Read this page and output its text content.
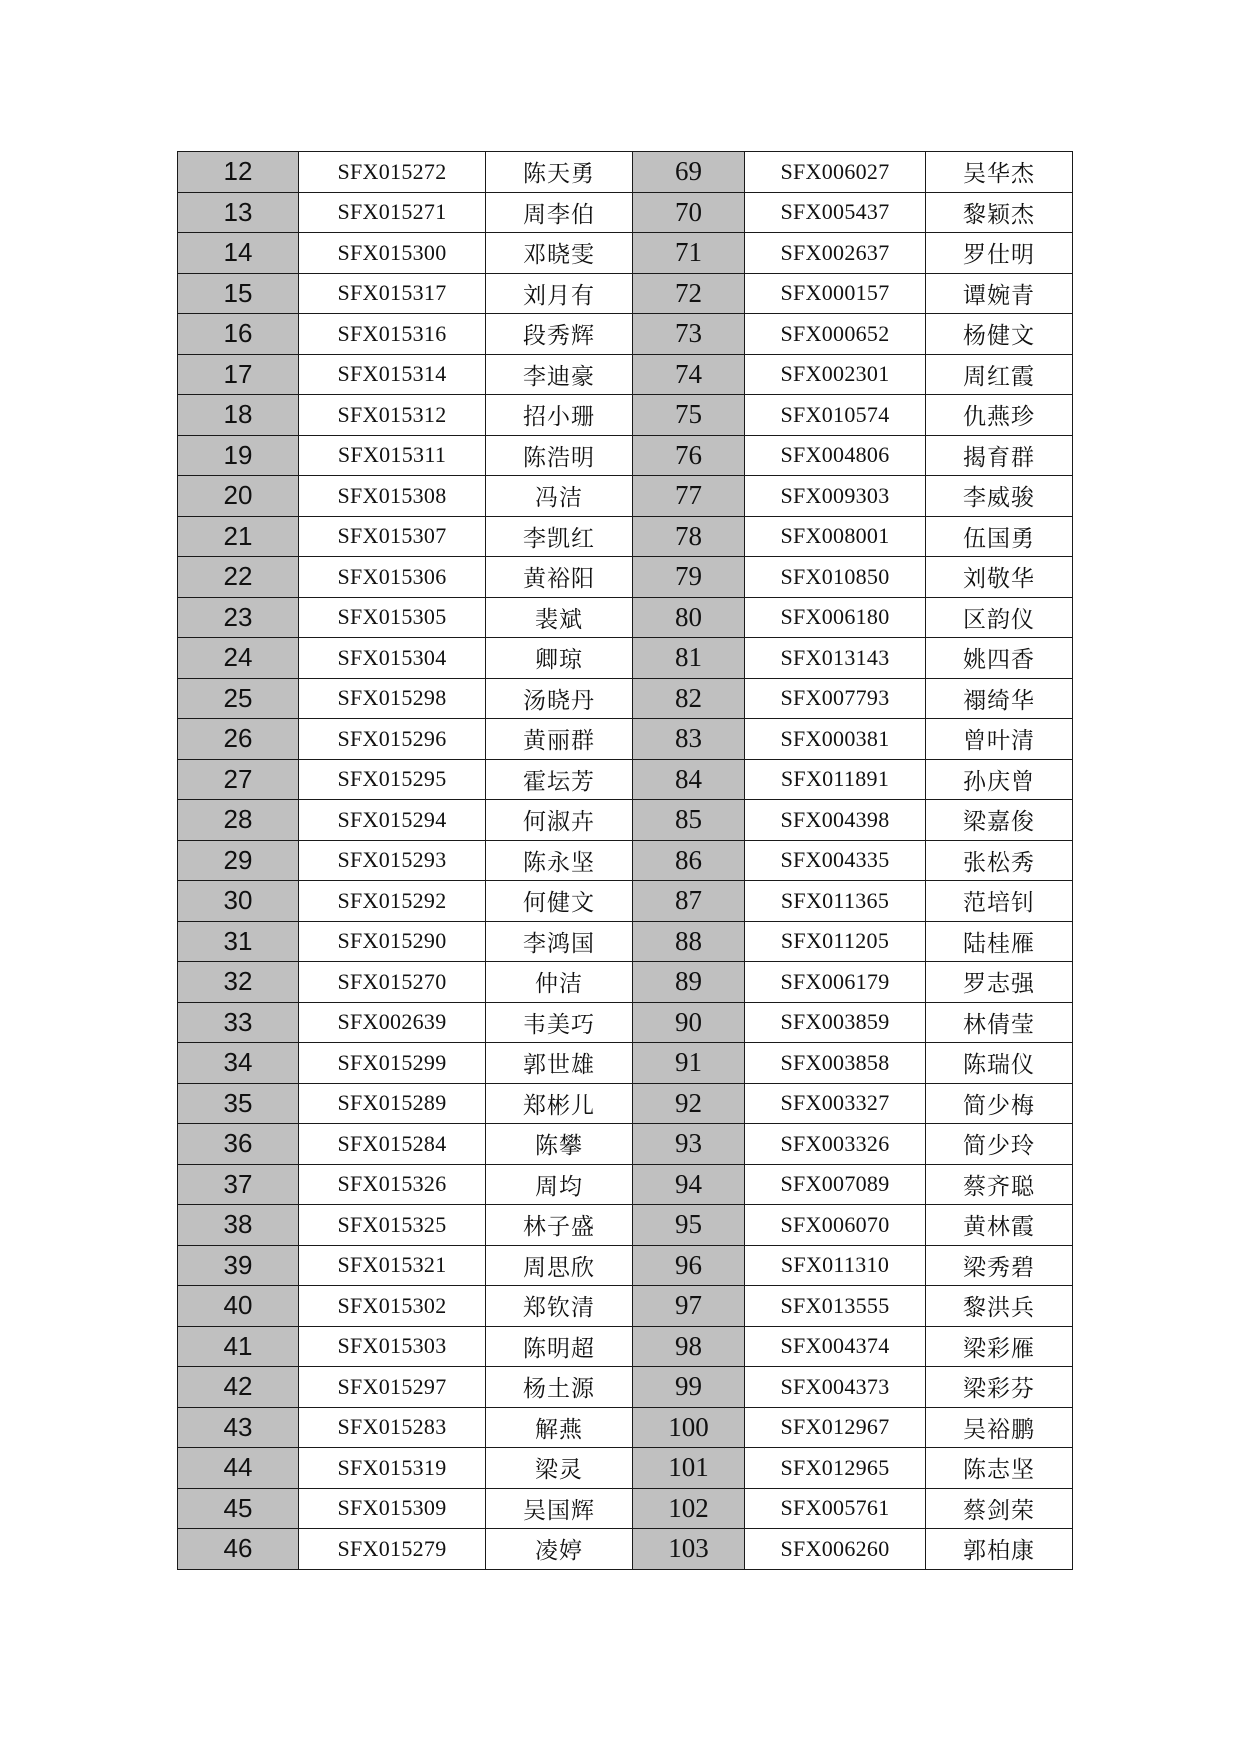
12	SFX015272	陈天勇	69	SFX006027	吴华杰
13	SFX015271	周李伯	70	SFX005437	黎颖杰
14	SFX015300	邓晓雯	71	SFX002637	罗仕明
15	SFX015317	刘月有	72	SFX000157	谭婉青
16	SFX015316	段秀辉	73	SFX000652	杨健文
17	SFX015314	李迪豪	74	SFX002301	周红霞
18	SFX015312	招小珊	75	SFX010574	仇燕珍
19	SFX015311	陈浩明	76	SFX004806	揭育群
20	SFX015308	冯洁	77	SFX009303	李威骏
21	SFX015307	李凯红	78	SFX008001	伍国勇
22	SFX015306	黄裕阳	79	SFX010850	刘敬华
23	SFX015305	裴斌	80	SFX006180	区韵仪
24	SFX015304	卿琼	81	SFX013143	姚四香
25	SFX015298	汤晓丹	82	SFX007793	禤绮华
26	SFX015296	黄丽群	83	SFX000381	曾叶清
27	SFX015295	霍坛芳	84	SFX011891	孙庆曾
28	SFX015294	何淑卉	85	SFX004398	梁嘉俊
29	SFX015293	陈永坚	86	SFX004335	张松秀
30	SFX015292	何健文	87	SFX011365	范培钊
31	SFX015290	李鸿国	88	SFX011205	陆桂雁
32	SFX015270	仲洁	89	SFX006179	罗志强
33	SFX002639	韦美巧	90	SFX003859	林倩莹
34	SFX015299	郭世雄	91	SFX003858	陈瑞仪
35	SFX015289	郑彬儿	92	SFX003327	简少梅
36	SFX015284	陈攀	93	SFX003326	简少玲
37	SFX015326	周均	94	SFX007089	蔡齐聪
38	SFX015325	林子盛	95	SFX006070	黄林霞
39	SFX015321	周思欣	96	SFX011310	梁秀碧
40	SFX015302	郑钦清	97	SFX013555	黎洪兵
41	SFX015303	陈明超	98	SFX004374	梁彩雁
42	SFX015297	杨土源	99	SFX004373	梁彩芬
43	SFX015283	解燕	100	SFX012967	吴裕鹏
44	SFX015319	梁灵	101	SFX012965	陈志坚
45	SFX015309	吴国辉	102	SFX005761	蔡剑荣
46	SFX015279	凌婷	103	SFX006260	郭柏康
